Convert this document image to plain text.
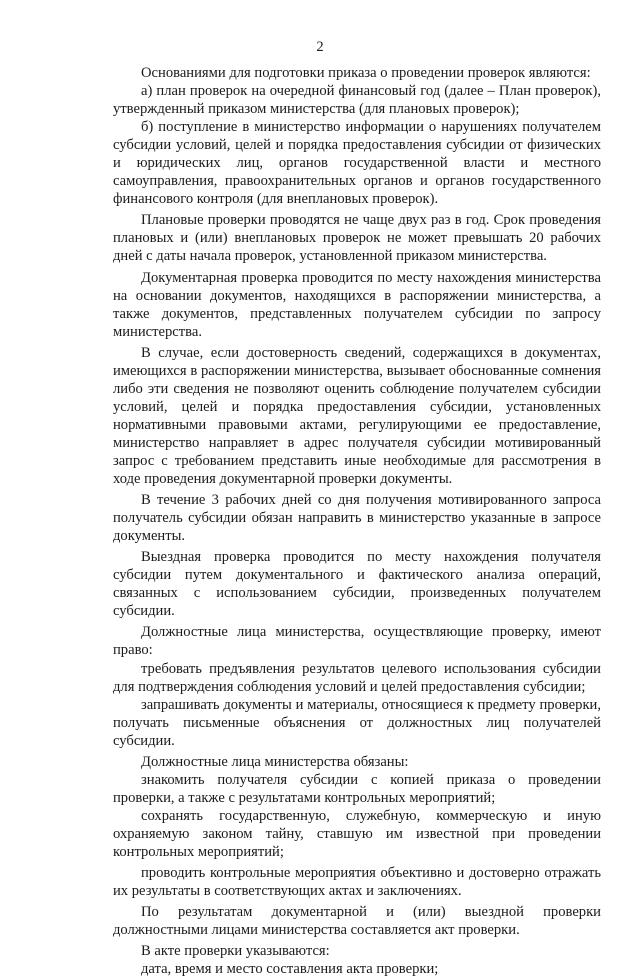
2

Основаниями для подготовки приказа о проведении проверок являются:

а) план проверок на очередной финансовый год (далее – План проверок), утвержденный приказом министерства (для плановых проверок);

б) поступление в министерство информации о нарушениях получателем субсидии условий, целей и порядка предоставления субсидии от физических и юридических лиц, органов государственной власти и местного самоуправления, правоохранительных органов и органов государственного финансового контроля (для внеплановых проверок).

Плановые проверки проводятся не чаще двух раз в год. Срок проведения плановых и (или) внеплановых проверок не может превышать 20 рабочих дней с даты начала проверок, установленной приказом министерства.

Документарная проверка проводится по месту нахождения министерства на основании документов, находящихся в распоряжении министерства, а также документов, представленных получателем субсидии по запросу министерства.

В случае, если достоверность сведений, содержащихся в документах, имеющихся в распоряжении министерства, вызывает обоснованные сомнения либо эти сведения не позволяют оценить соблюдение получателем субсидии условий, целей и порядка предоставления субсидии, установленных нормативными правовыми актами, регулирующими ее предоставление, министерство направляет в адрес получателя субсидии мотивированный запрос с требованием представить иные необходимые для рассмотрения в ходе проведения документарной проверки документы.

В течение 3 рабочих дней со дня получения мотивированного запроса получатель субсидии обязан направить в министерство указанные в запросе документы.

Выездная проверка проводится по месту нахождения получателя субсидии путем документального и фактического анализа операций, связанных с использованием субсидии, произведенных получателем субсидии.

Должностные лица министерства, осуществляющие проверку, имеют право:

требовать предъявления результатов целевого использования субсидии для подтверждения соблюдения условий и целей предоставления субсидии;

запрашивать документы и материалы, относящиеся к предмету проверки, получать письменные объяснения от должностных лиц получателей субсидии.

Должностные лица министерства обязаны:

знакомить получателя субсидии с копией приказа о проведении проверки, а также с результатами контрольных мероприятий;

сохранять государственную, служебную, коммерческую и иную охраняемую законом тайну, ставшую им известной при проведении контрольных мероприятий;

проводить контрольные мероприятия объективно и достоверно отражать их результаты в соответствующих актах и заключениях.

По результатам документарной и (или) выездной проверки должностными лицами министерства составляется акт проверки.

В акте проверки указываются:

дата, время и место составления акта проверки;
